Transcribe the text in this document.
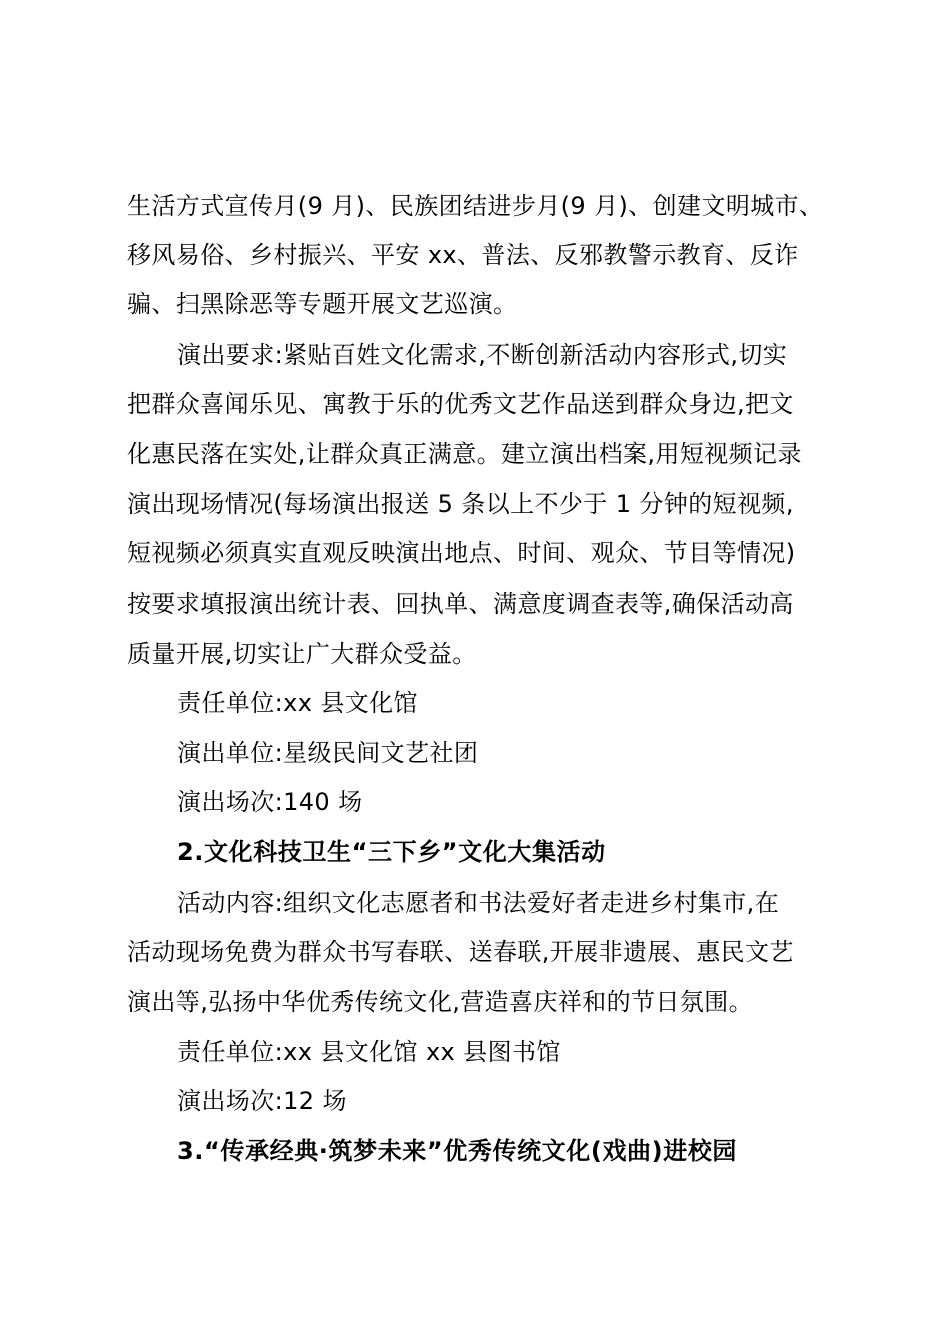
生活方式宣传月(9 月)、民族团结进步月(9 月)、创建文明城市、
移风易俗、乡村振兴、平安 xx、普法、反邪教警示教育、反诈
骗、扫黑除恶等专题开展文艺巡演。
演出要求:紧贴百姓文化需求,不断创新活动内容形式,切实
把群众喜闻乐见、寓教于乐的优秀文艺作品送到群众身边,把文
化惠民落在实处,让群众真正满意。建立演出档案,用短视频记录
演出现场情况(每场演出报送 5 条以上不少于 1 分钟的短视频,
短视频必须真实直观反映演出地点、时间、观众、节目等情况)
按要求填报演出统计表、回执单、满意度调查表等,确保活动高
质量开展,切实让广大群众受益。
责任单位:xx 县文化馆
演出单位:星级民间文艺社团
演出场次:140 场
2.文化科技卫生“三下乡”文化大集活动
活动内容:组织文化志愿者和书法爱好者走进乡村集市,在
活动现场免费为群众书写春联、送春联,开展非遗展、惠民文艺
演出等,弘扬中华优秀传统文化,营造喜庆祥和的节日氛围。
责任单位:xx 县文化馆 xx 县图书馆
演出场次:12 场
3.“传承经典·筑梦未来”优秀传统文化(戏曲)进校园
